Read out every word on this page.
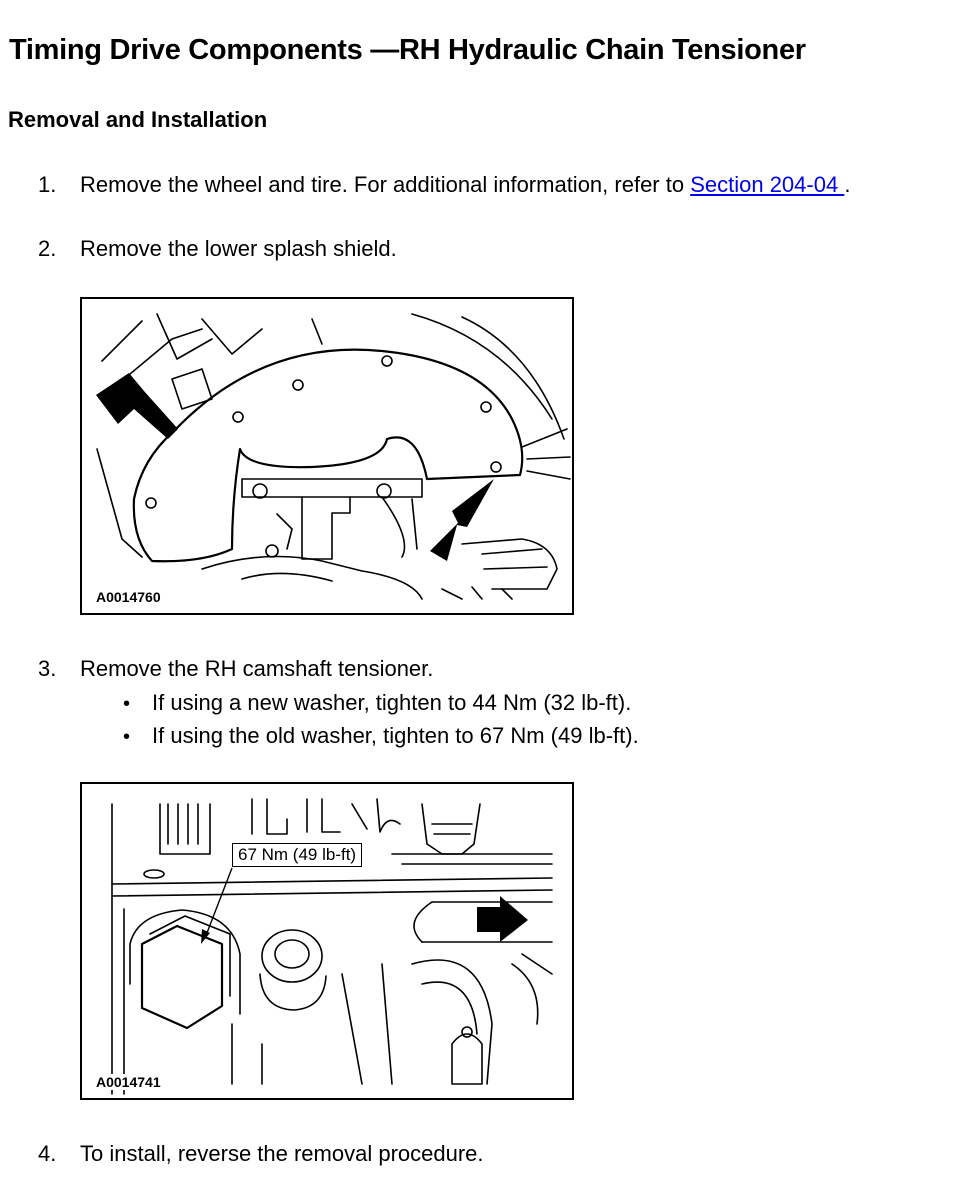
Timing Drive Components —RH Hydraulic Chain Tensioner
Removal and Installation
1. Remove the wheel and tire. For additional information, refer to Section 204-04 .
2. Remove the lower splash shield.
A0014760
3. Remove the RH camshaft tensioner.
• If using a new washer, tighten to 44 Nm (32 lb-ft).
• If using the old washer, tighten to 67 Nm (49 lb-ft).
67 Nm (49 lb-ft)
A0014741
4. To install, reverse the removal procedure.
